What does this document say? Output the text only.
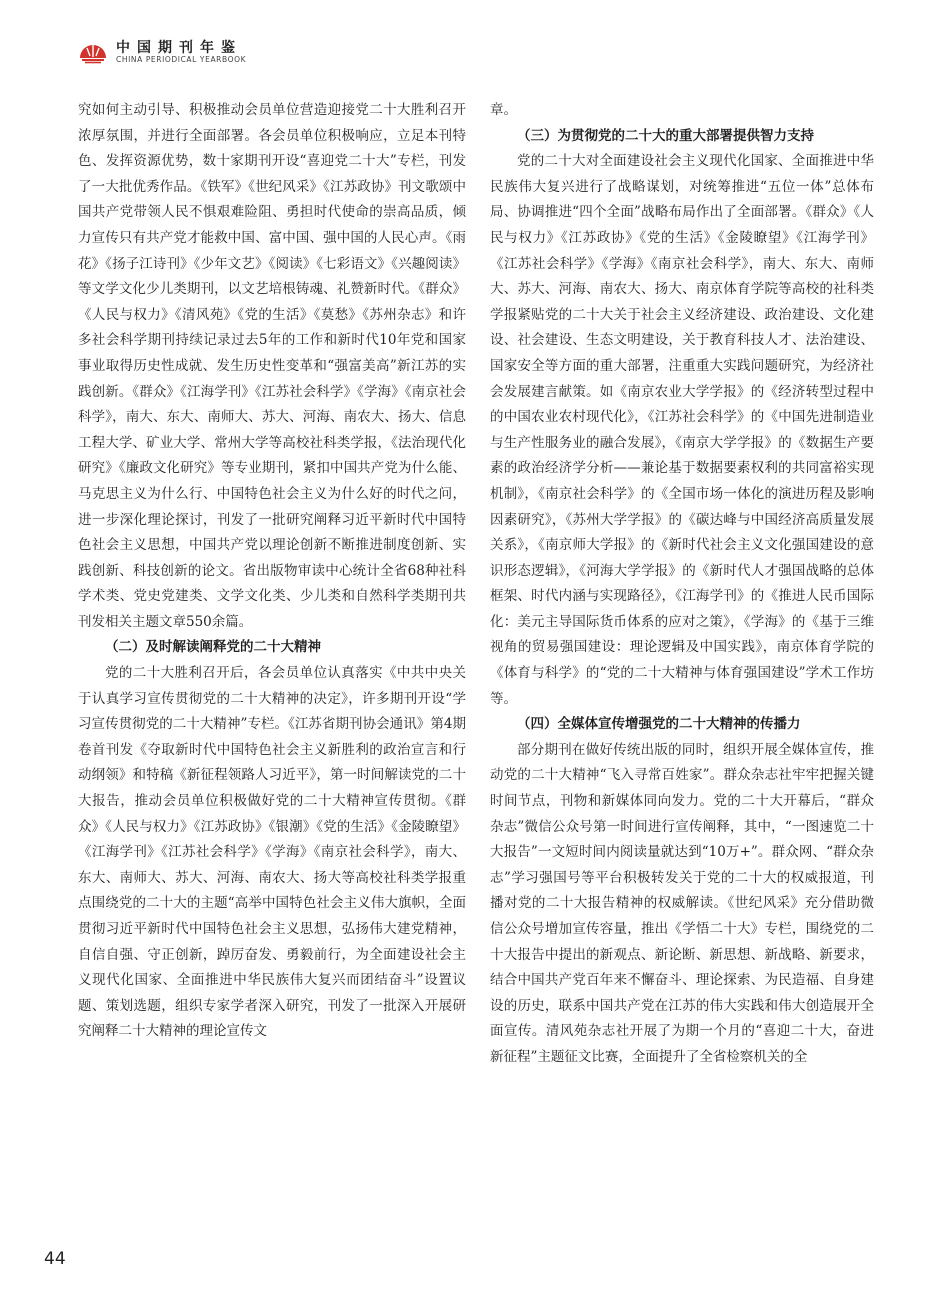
中国期刊年鉴
CHINA PERIODICAL YEARBOOK

究如何主动引导、积极推动会员单位营造迎接党二十大胜利召开浓厚氛围，并进行全面部署。各会员单位积极响应，立足本刊特色、发挥资源优势，数十家期刊开设“喜迎党二十大”专栏，刊发了一大批优秀作品。《铁军》《世纪风采》《江苏政协》刊文歌颂中国共产党带领人民不惧艰难险阻、勇担时代使命的崇高品质，倾力宣传只有共产党才能救中国、富中国、强中国的人民心声。《雨花》《扬子江诗刊》《少年文艺》《阅读》《七彩语文》《兴趣阅读》等文学文化少儿类期刊，以文艺培根铸魂、礼赞新时代。《群众》《人民与权力》《清风苑》《党的生活》《莫愁》《苏州杂志》和许多社会科学期刊持续记录过去5年的工作和新时代10年党和国家事业取得历史性成就、发生历史性变革和“强富美高”新江苏的实践创新。《群众》《江海学刊》《江苏社会科学》《学海》《南京社会科学》，南大、东大、南师大、苏大、河海、南农大、扬大、信息工程大学、矿业大学、常州大学等高校社科类学报，《法治现代化研究》《廉政文化研究》等专业期刊，紧扣中国共产党为什么能、马克思主义为什么行、中国特色社会主义为什么好的时代之问，进一步深化理论探讨，刊发了一批研究阐释习近平新时代中国特色社会主义思想，中国共产党以理论创新不断推进制度创新、实践创新、科技创新的论文。省出版物审读中心统计全省68种社科学术类、党史党建类、文学文化类、少儿类和自然科学类期刊共刊发相关主题文章550余篇。

（二）及时解读阐释党的二十大精神

党的二十大胜利召开后，各会员单位认真落实《中共中央关于认真学习宣传贯彻党的二十大精神的决定》，许多期刊开设“学习宣传贯彻党的二十大精神”专栏。《江苏省期刊协会通讯》第4期卷首刊发《夺取新时代中国特色社会主义新胜利的政治宣言和行动纲领》和特稿《新征程领路人习近平》，第一时间解读党的二十大报告，推动会员单位积极做好党的二十大精神宣传贯彻。《群众》《人民与权力》《江苏政协》《银潮》《党的生活》《金陵瞭望》《江海学刊》《江苏社会科学》《学海》《南京社会科学》，南大、东大、南师大、苏大、河海、南农大、扬大等高校社科类学报重点围绕党的二十大的主题“高举中国特色社会主义伟大旗帜，全面贯彻习近平新时代中国特色社会主义思想，弘扬伟大建党精神，自信自强、守正创新，踔厉奋发、勇毅前行，为全面建设社会主义现代化国家、全面推进中华民族伟大复兴而团结奋斗”设置议题、策划选题，组织专家学者深入研究，刊发了一批深入开展研究阐释二十大精神的理论宣传文

章。

（三）为贯彻党的二十大的重大部署提供智力支持

党的二十大对全面建设社会主义现代化国家、全面推进中华民族伟大复兴进行了战略谋划，对统筹推进“五位一体”总体布局、协调推进“四个全面”战略布局作出了全面部署。《群众》《人民与权力》《江苏政协》《党的生活》《金陵瞭望》《江海学刊》《江苏社会科学》《学海》《南京社会科学》，南大、东大、南师大、苏大、河海、南农大、扬大、南京体育学院等高校的社科类学报紧贴党的二十大关于社会主义经济建设、政治建设、文化建设、社会建设、生态文明建设，关于教育科技人才、法治建设、国家安全等方面的重大部署，注重重大实践问题研究，为经济社会发展建言献策。如《南京农业大学学报》的《经济转型过程中的中国农业农村现代化》，《江苏社会科学》的《中国先进制造业与生产性服务业的融合发展》，《南京大学学报》的《数据生产要素的政治经济学分析——兼论基于数据要素权利的共同富裕实现机制》，《南京社会科学》的《全国市场一体化的演进历程及影响因素研究》，《苏州大学学报》的《碳达峰与中国经济高质量发展关系》，《南京师大学报》的《新时代社会主义文化强国建设的意识形态逻辑》，《河海大学学报》的《新时代人才强国战略的总体框架、时代内涵与实现路径》，《江海学刊》的《推进人民币国际化：美元主导国际货币体系的应对之策》，《学海》的《基于三维视角的贸易强国建设：理论逻辑及中国实践》，南京体育学院的《体育与科学》的“党的二十大精神与体育强国建设”学术工作坊等。

（四）全媒体宣传增强党的二十大精神的传播力

部分期刊在做好传统出版的同时，组织开展全媒体宣传，推动党的二十大精神“飞入寻常百姓家”。群众杂志社牢牢把握关键时间节点，刊物和新媒体同向发力。党的二十大开幕后，“群众杂志”微信公众号第一时间进行宣传阐释，其中，“一图速览二十大报告”一文短时间内阅读量就达到“10万+”。群众网、“群众杂志”学习强国号等平台积极转发关于党的二十大的权威报道，刊播对党的二十大报告精神的权威解读。《世纪风采》充分借助微信公众号增加宣传容量，推出《学悟二十大》专栏，围绕党的二十大报告中提出的新观点、新论断、新思想、新战略、新要求，结合中国共产党百年来不懈奋斗、理论探索、为民造福、自身建设的历史，联系中国共产党在江苏的伟大实践和伟大创造展开全面宣传。清风苑杂志社开展了为期一个月的“喜迎二十大，奋进新征程”主题征文比赛，全面提升了全省检察机关的全

44
